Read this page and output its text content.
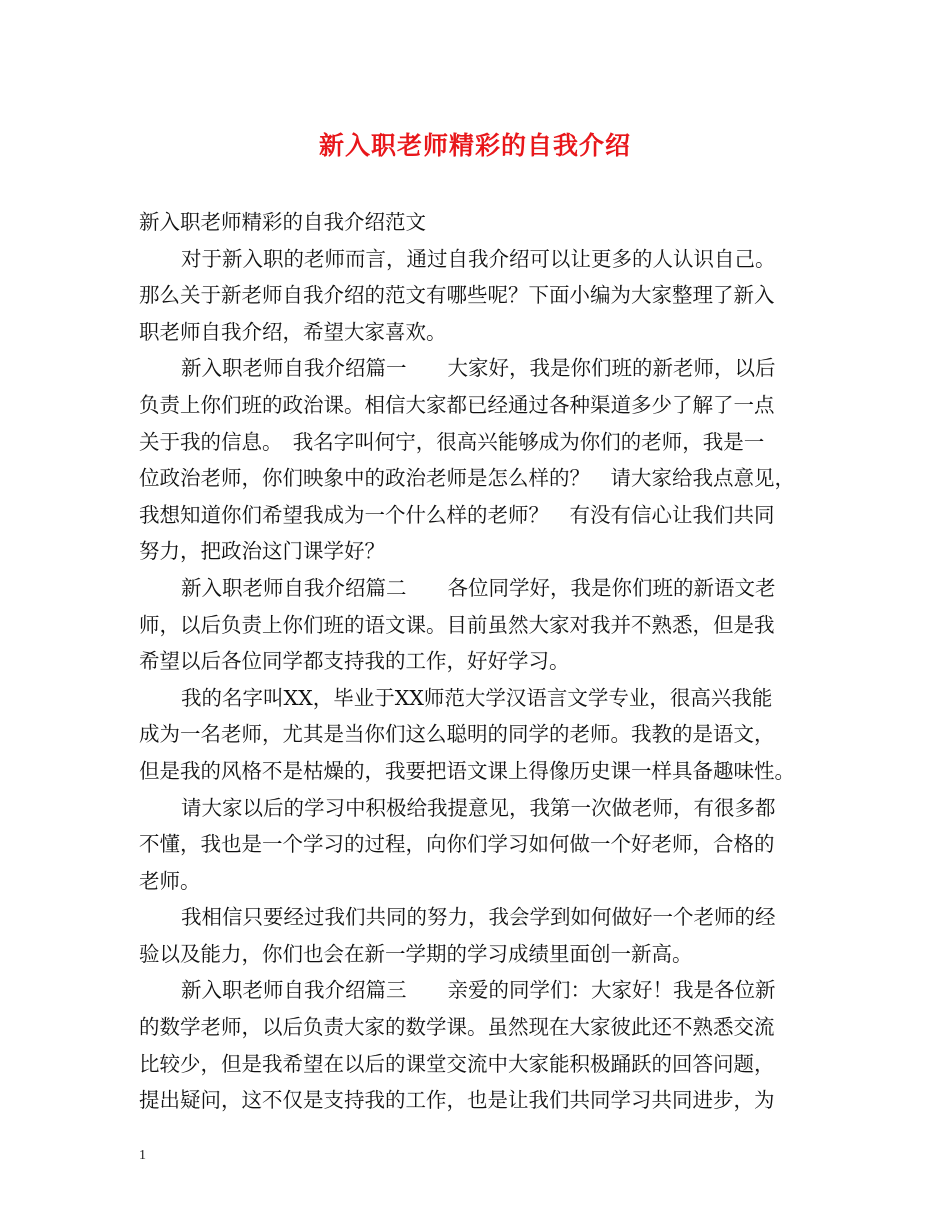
新入职老师精彩的自我介绍
新入职老师精彩的自我介绍范文
对于新入职的老师而言，通过自我介绍可以让更多的人认识自己。
那么关于新老师自我介绍的范文有哪些呢？下面小编为大家整理了新入
职老师自我介绍，希望大家喜欢。
新入职老师自我介绍篇一　　大家好，我是你们班的新老师，以后
负责上你们班的政治课。相信大家都已经通过各种渠道多少了解了一点
关于我的信息。　我名字叫何宁，很高兴能够成为你们的老师，我是一
位政治老师，你们映象中的政治老师是怎么样的？　请大家给我点意见，
我想知道你们希望我成为一个什么样的老师？　有没有信心让我们共同
努力，把政治这门课学好？
新入职老师自我介绍篇二　　各位同学好，我是你们班的新语文老
师，以后负责上你们班的语文课。目前虽然大家对我并不熟悉，但是我
希望以后各位同学都支持我的工作，好好学习。
我的名字叫XX，毕业于XX师范大学汉语言文学专业，很高兴我能
成为一名老师，尤其是当你们这么聪明的同学的老师。我教的是语文，
但是我的风格不是枯燥的，我要把语文课上得像历史课一样具备趣味性。
请大家以后的学习中积极给我提意见，我第一次做老师，有很多都
不懂，我也是一个学习的过程，向你们学习如何做一个好老师，合格的
老师。
我相信只要经过我们共同的努力，我会学到如何做好一个老师的经
验以及能力，你们也会在新一学期的学习成绩里面创一新高。
新入职老师自我介绍篇三　　亲爱的同学们：大家好！我是各位新
的数学老师，以后负责大家的数学课。虽然现在大家彼此还不熟悉交流
比较少，但是我希望在以后的课堂交流中大家能积极踊跃的回答问题，
提出疑问，这不仅是支持我的工作，也是让我们共同学习共同进步，为
1
